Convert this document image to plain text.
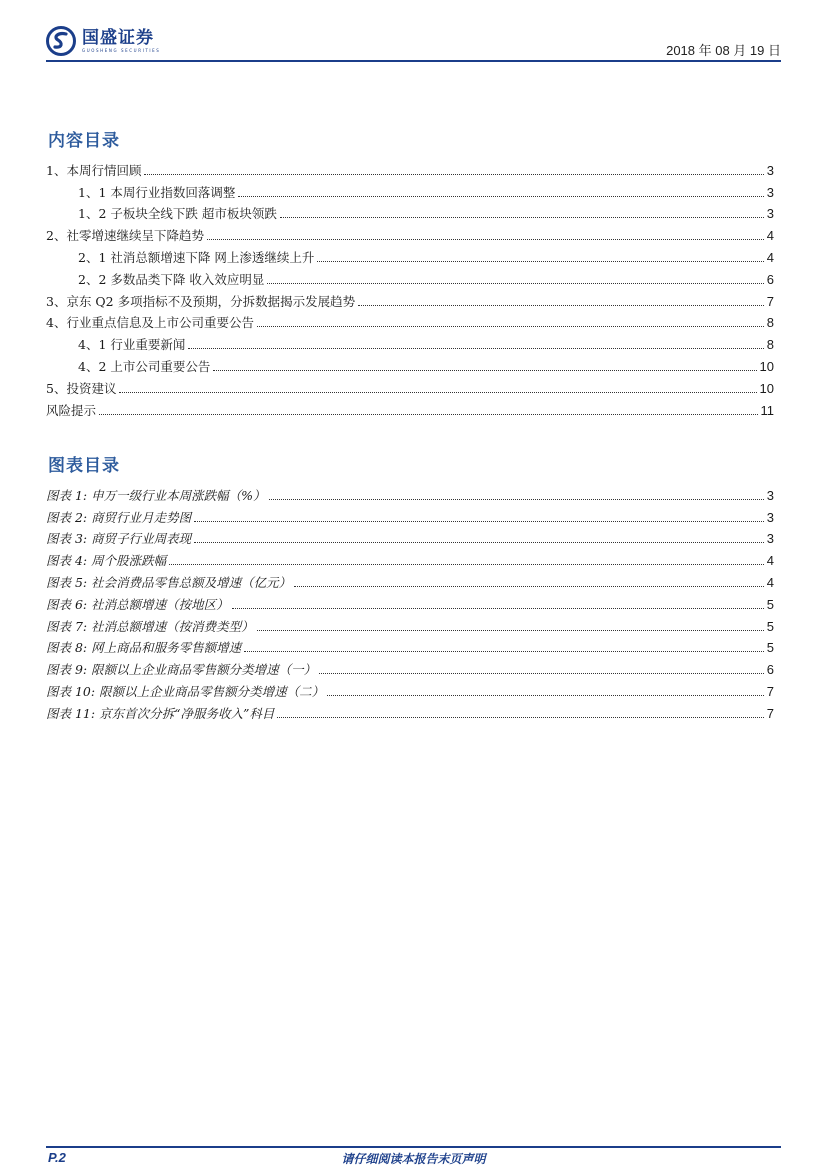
国盛证券
GUOSHENG SECURITIES	2018 年 08 月 19 日
内容目录
1、本周行情回顾	3
1、1 本周行业指数回落调整	3
1、2 子板块全线下跌 超市板块领跌	3
2、社零增速继续呈下降趋势	4
2、1 社消总额增速下降 网上渗透继续上升	4
2、2 多数品类下降 收入效应明显	6
3、京东 Q2 多项指标不及预期，分拆数据揭示发展趋势	7
4、行业重点信息及上市公司重要公告	8
4、1 行业重要新闻	8
4、2 上市公司重要公告	10
5、投资建议	10
风险提示	11
图表目录
图表 1: 申万一级行业本周涨跌幅（%）	3
图表 2: 商贸行业月走势图	3
图表 3: 商贸子行业周表现	3
图表 4: 周个股涨跌幅	4
图表 5: 社会消费品零售总额及增速（亿元）	4
图表 6: 社消总额增速（按地区）	5
图表 7: 社消总额增速（按消费类型）	5
图表 8: 网上商品和服务零售额增速	5
图表 9: 限额以上企业商品零售额分类增速（一）	6
图表 10: 限额以上企业商品零售额分类增速（二）	7
图表 11: 京东首次分拆“净服务收入”科目	7
P.2	请仔细阅读本报告末页声明
